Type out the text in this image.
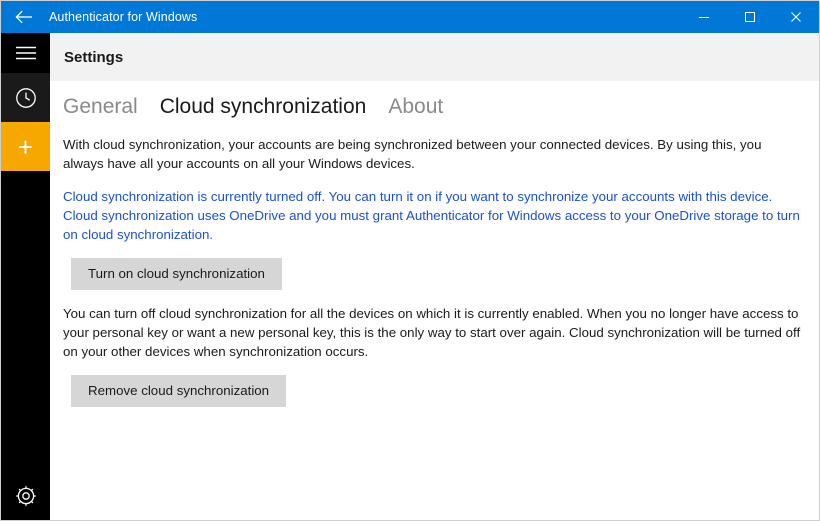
Authenticator for Windows
+
Settings
General Cloud synchronization About

With cloud synchronization, your accounts are being synchronized between your connected devices. By using this, you always have all your accounts on all your Windows devices.

Cloud synchronization is currently turned off. You can turn it on if you want to synchronize your accounts with this device. Cloud synchronization uses OneDrive and you must grant Authenticator for Windows access to your OneDrive storage to turn on cloud synchronization.

Turn on cloud synchronization

You can turn off cloud synchronization for all the devices on which it is currently enabled. When you no longer have access to your personal key or want a new personal key, this is the only way to start over again. Cloud synchronization will be turned off on your other devices when synchronization occurs.

Remove cloud synchronization
